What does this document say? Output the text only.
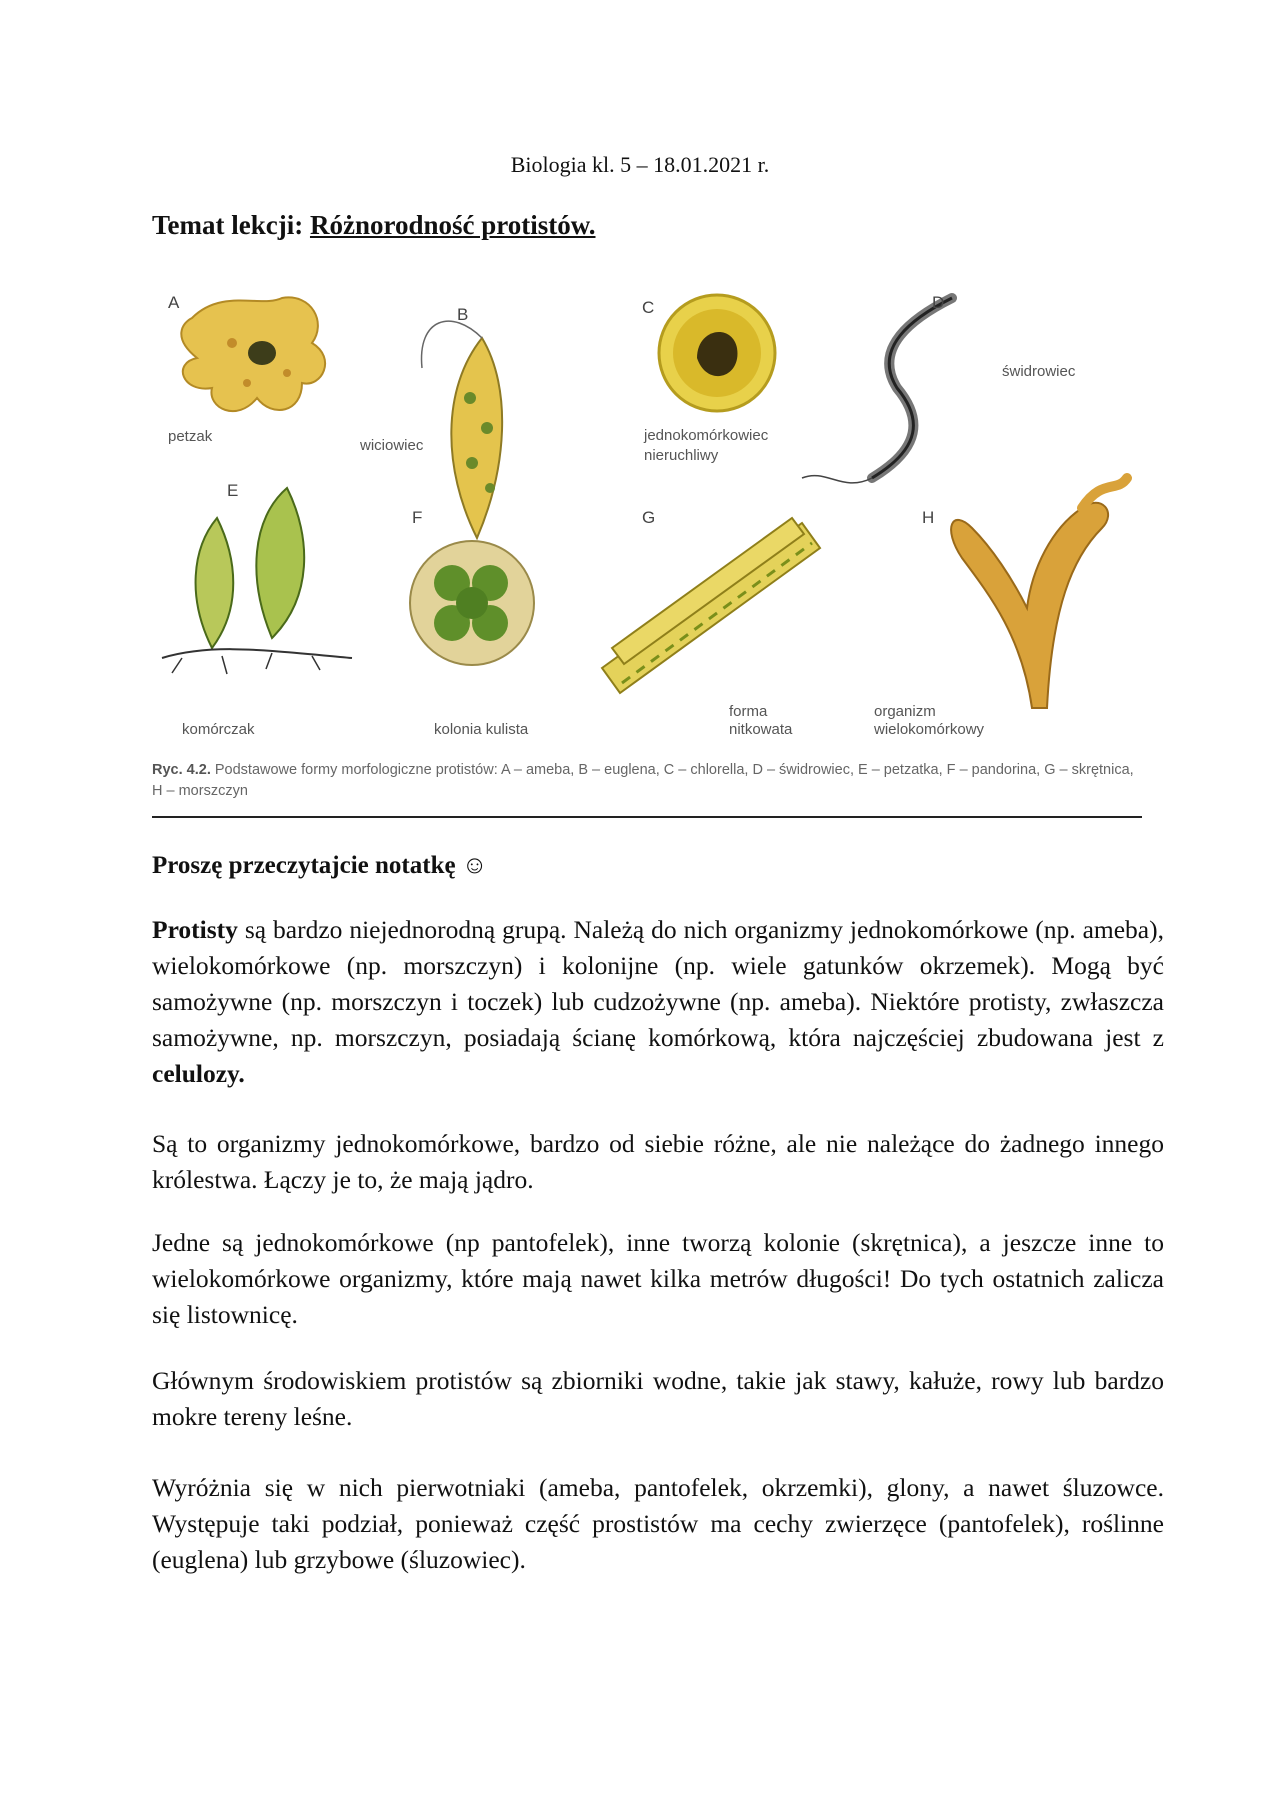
Biologia kl. 5 – 18.01.2021 r.
Temat lekcji: Różnorodność protistów.
A
petzak
B
wiciowiec
C
jednokomórkowiec
nieruchliwy
D
świdrowiec
E
komórczak
F
kolonia kulista
G
forma
nitkowata
H
organizm
wielokomórkowy
Ryc. 4.2. Podstawowe formy morfologiczne protistów: A – ameba, B – euglena, C – chlorella, D – świdrowiec, E – petzatka, F – pandorina, G – skrętnica, H – morszczyn
Proszę przeczytajcie notatkę ☺
Protisty są bardzo niejednorodną grupą. Należą do nich organizmy jednokomórkowe (np. ameba), wielokomórkowe (np. morszczyn) i kolonijne (np. wiele gatunków okrzemek). Mogą być samożywne (np. morszczyn i toczek) lub cudzożywne (np. ameba). Niektóre protisty, zwłaszcza samożywne, np. morszczyn, posiadają ścianę komórkową, która najczęściej zbudowana jest z celulozy.
Są to organizmy jednokomórkowe, bardzo od siebie różne, ale nie należące do żadnego innego królestwa. Łączy je to, że mają jądro.
Jedne są jednokomórkowe (np pantofelek), inne tworzą kolonie (skrętnica), a jeszcze inne to wielokomórkowe organizmy, które mają nawet kilka metrów długości! Do tych ostatnich zalicza się listownicę.
Głównym środowiskiem protistów są zbiorniki wodne, takie jak stawy, kałuże, rowy lub bardzo mokre tereny leśne.
Wyróżnia się w nich pierwotniaki (ameba, pantofelek, okrzemki), glony, a nawet śluzowce. Występuje taki podział, ponieważ część prostistów ma cechy zwierzęce (pantofelek), roślinne (euglena) lub grzybowe (śluzowiec).
